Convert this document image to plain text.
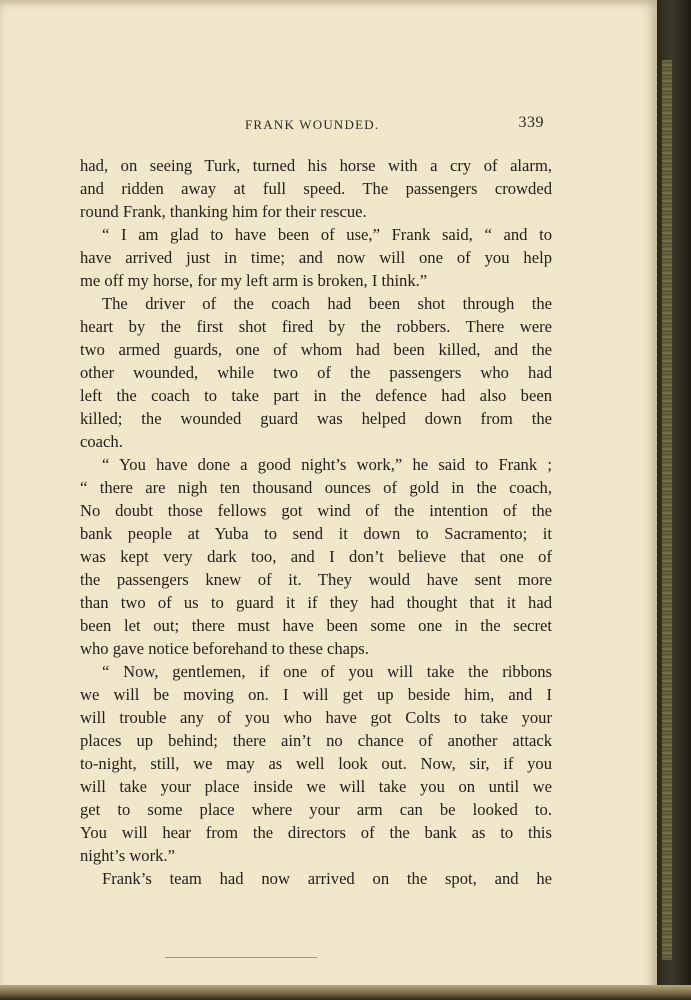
FRANK WOUNDED.	339
had, on seeing Turk, turned his horse with a cry of alarm,
and ridden away at full speed. The passengers crowded
round Frank, thanking him for their rescue.
“ I am glad to have been of use,” Frank said, “ and to
have arrived just in time; and now will one of you help
me off my horse, for my left arm is broken, I think.”
The driver of the coach had been shot through the
heart by the first shot fired by the robbers. There were
two armed guards, one of whom had been killed, and the
other wounded, while two of the passengers who had
left the coach to take part in the defence had also been
killed; the wounded guard was helped down from the
coach.
“ You have done a good night’s work,” he said to Frank ;
“ there are nigh ten thousand ounces of gold in the coach,
No doubt those fellows got wind of the intention of the
bank people at Yuba to send it down to Sacramento; it
was kept very dark too, and I don’t believe that one of
the passengers knew of it. They would have sent more
than two of us to guard it if they had thought that it had
been let out; there must have been some one in the secret
who gave notice beforehand to these chaps.
“ Now, gentlemen, if one of you will take the ribbons
we will be moving on. I will get up beside him, and I
will trouble any of you who have got Colts to take your
places up behind; there ain’t no chance of another attack
to-night, still, we may as well look out. Now, sir, if you
will take your place inside we will take you on until we
get to some place where your arm can be looked to.
You will hear from the directors of the bank as to this
night’s work.”
Frank’s team had now arrived on the spot, and he
